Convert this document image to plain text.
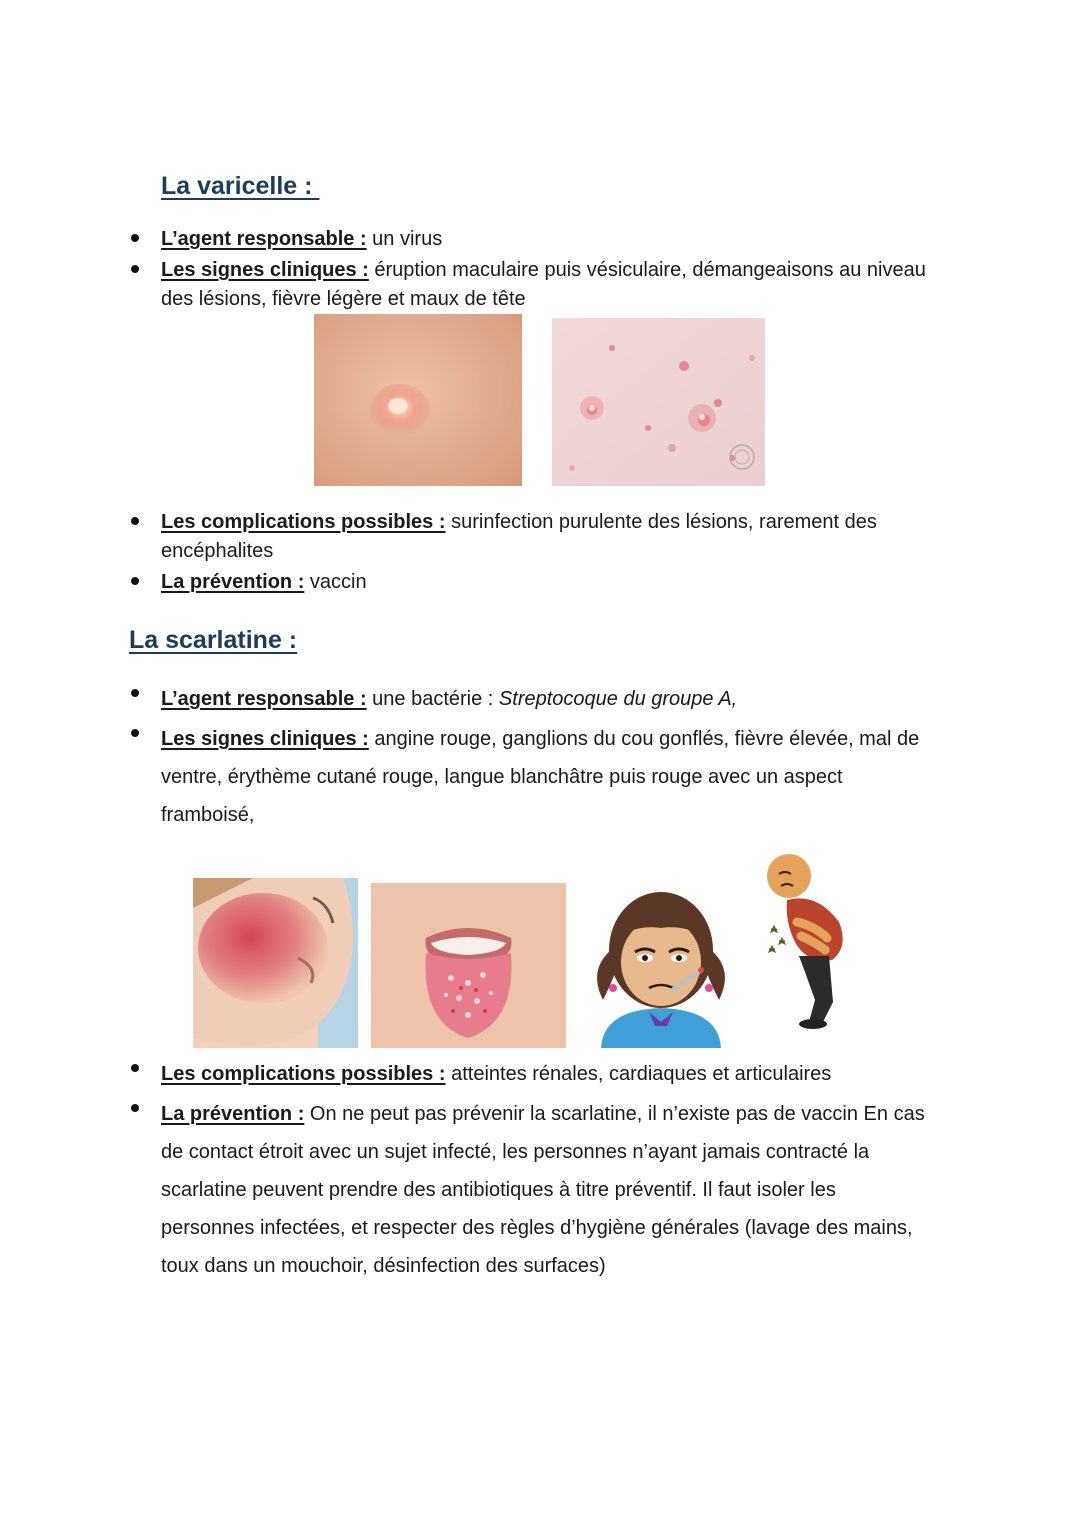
La varicelle :
L’agent responsable : un virus
Les signes cliniques : éruption maculaire puis vésiculaire, démangeaisons au niveau des lésions, fièvre légère et maux de tête
Les complications possibles : surinfection purulente des lésions, rarement des encéphalites
La prévention : vaccin
La scarlatine :
L’agent responsable : une bactérie : Streptocoque du groupe A,
Les signes cliniques : angine rouge, ganglions du cou gonflés, fièvre élevée, mal de ventre, érythème cutané rouge, langue blanchâtre puis rouge avec un aspect framboisé,
Les complications possibles : atteintes rénales, cardiaques et articulaires
La prévention : On ne peut pas prévenir la scarlatine, il n’existe pas de vaccin En cas de contact étroit avec un sujet infecté, les personnes n’ayant jamais contracté la scarlatine peuvent prendre des antibiotiques à titre préventif. Il faut isoler les personnes infectées, et respecter des règles d’hygiène générales (lavage des mains, toux dans un mouchoir, désinfection des surfaces)
